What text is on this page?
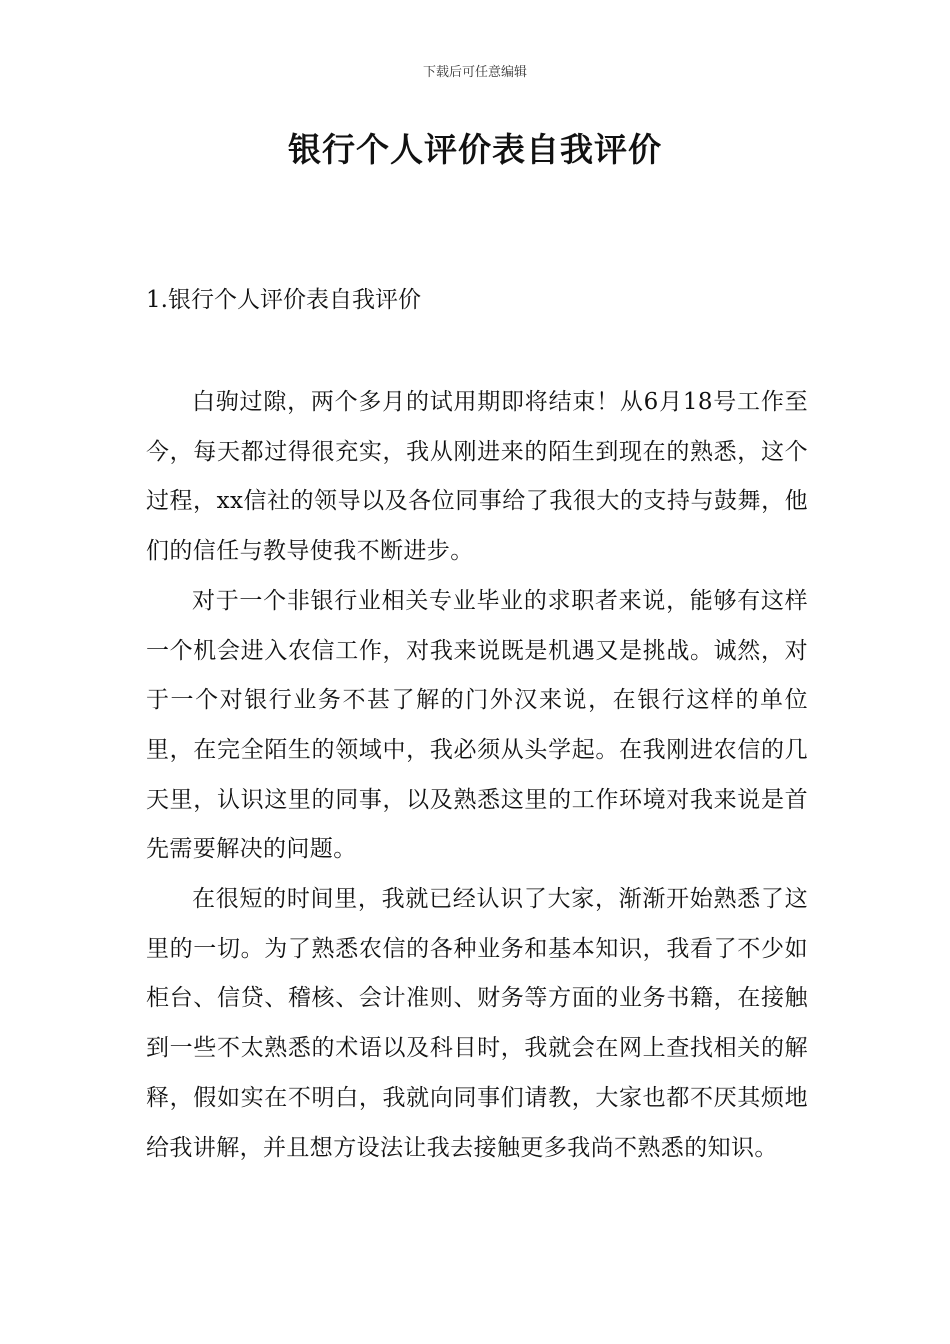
下载后可任意编辑
银行个人评价表自我评价
1.银行个人评价表自我评价

白驹过隙，两个多月的试用期即将结束！从6月18号工作至今，每天都过得很充实，我从刚进来的陌生到现在的熟悉，这个过程，xx信社的领导以及各位同事给了我很大的支持与鼓舞，他们的信任与教导使我不断进步。

对于一个非银行业相关专业毕业的求职者来说，能够有这样一个机会进入农信工作，对我来说既是机遇又是挑战。诚然，对于一个对银行业务不甚了解的门外汉来说，在银行这样的单位里，在完全陌生的领域中，我必须从头学起。在我刚进农信的几天里，认识这里的同事，以及熟悉这里的工作环境对我来说是首先需要解决的问题。

在很短的时间里，我就已经认识了大家，渐渐开始熟悉了这里的一切。为了熟悉农信的各种业务和基本知识，我看了不少如柜台、信贷、稽核、会计准则、财务等方面的业务书籍，在接触到一些不太熟悉的术语以及科目时，我就会在网上查找相关的解释，假如实在不明白，我就向同事们请教，大家也都不厌其烦地给我讲解，并且想方设法让我去接触更多我尚不熟悉的知识。
